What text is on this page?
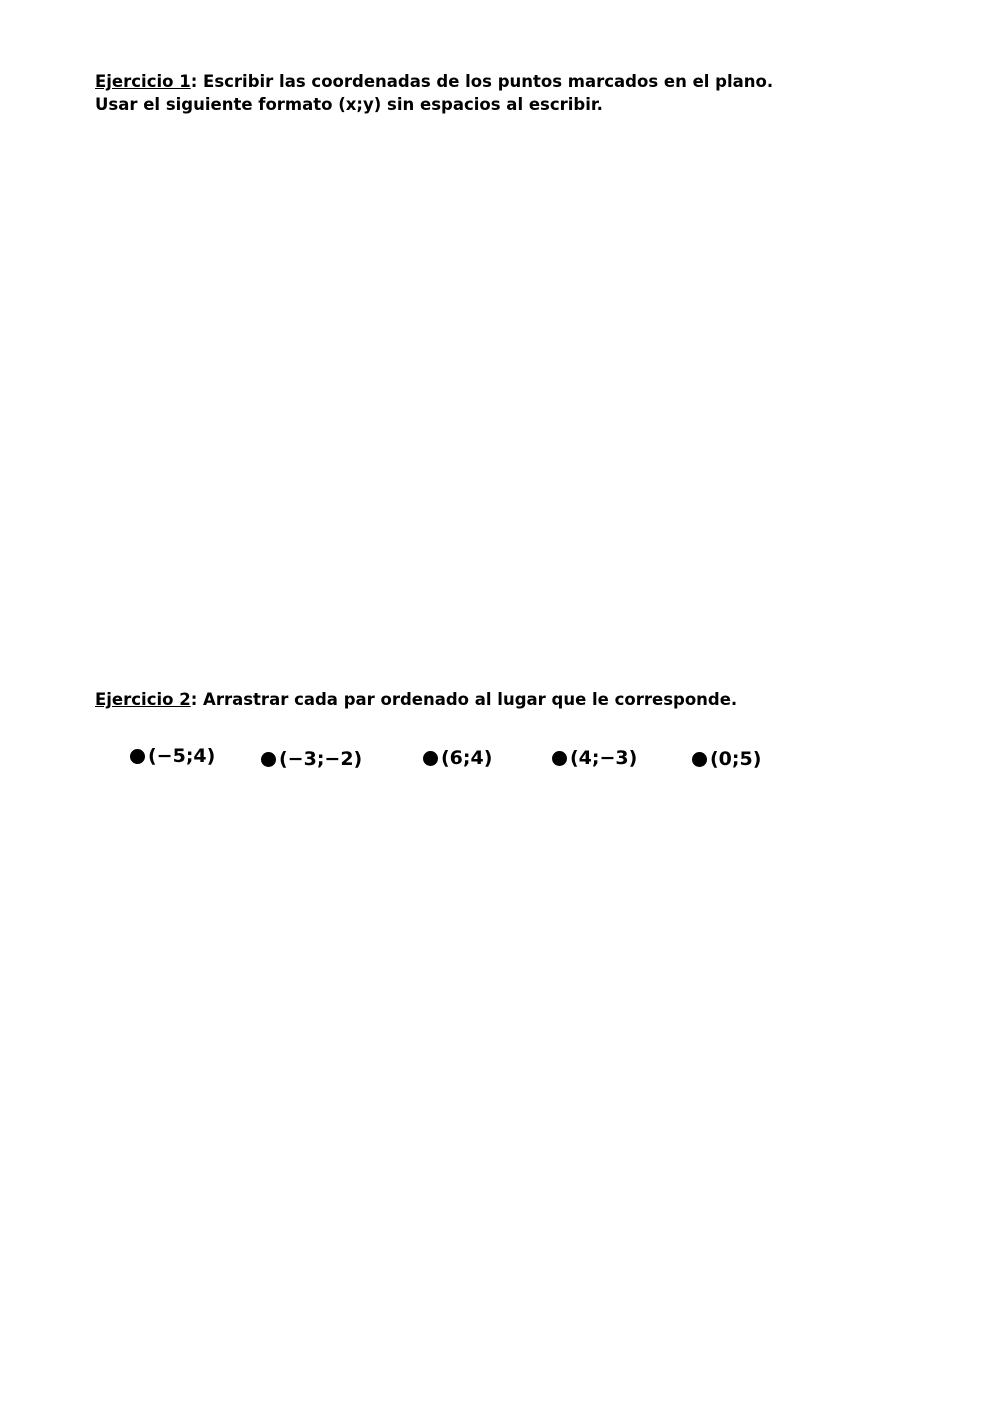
Ejercicio 1: Escribir las coordenadas de los puntos marcados en el plano.

Usar el siguiente formato (x;y) sin espacios al escribir.

x
y
-5	-4	-3	-2	-1	1	2	3	4	5	6	7
4
3
2
1
-1
-2
-3
-4

Ejercicio 2: Arrastrar cada par ordenado al lugar que le corresponde.

(−5;4)	(−3;−2)	(6;4)	(4;−3)	(0;5)
x
y
-6 -5 -4 -3 -2 -1	1	2	3	4	5	6	7
5
4
3
2
1
-1
-2
-3
-4
